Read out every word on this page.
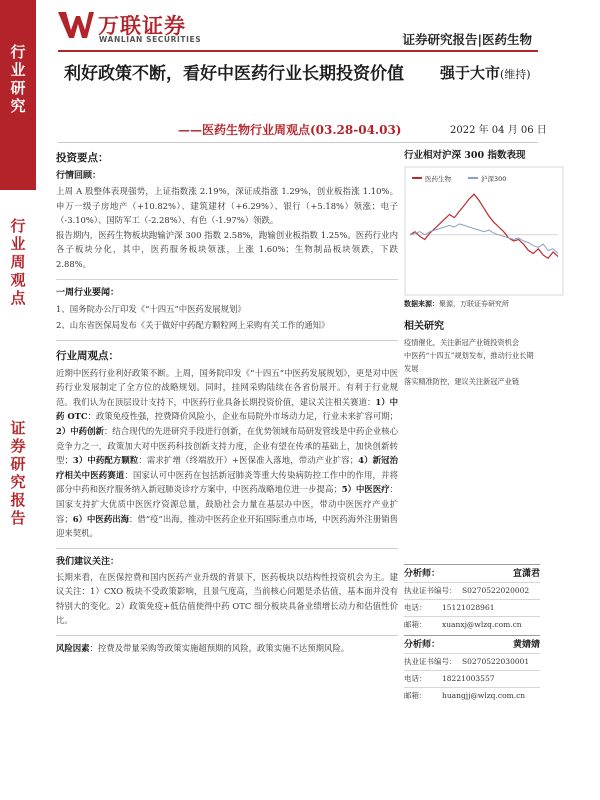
行业研究
行业周观点
证券研究报告
万联证券
WANLIAN SECURITIES	证券研究报告|医药生物
利好政策不断，看好中医药行业长期投资价值
——医药生物行业周观点(03.28-04.03)
强于大市(维持)
2022 年 04 月 06 日
投资要点：
行情回顾：

上周 A 股整体表现强势，上证指数涨 2.19%，深证成指涨 1.29%，创业板指涨 1.10%。申万一级子房地产（+10.82%）、建筑建材（+6.29%）、银行（+5.18%）领涨；电子（-3.10%）、国防军工（-2.28%）、有色（-1.97%）领跌。

报告期内，医药生物板块跑输沪深 300 指数 2.58%，跑输创业板指数 1.25%。医药行业内各子板块分化，其中，医药服务板块领涨，上涨 1.60%；生物制品板块领跌，下跌 2.88%。

一周行业要闻：

1、国务院办公厅印发《“十四五”中医药发展规划》

2、山东省医保局发布《关于做好中药配方颗粒网上采购有关工作的通知》

行业周观点：

近期中医药行业利好政策不断。上周，国务院印发《“十四五”中医药发展规划》，更是对中医药行业发展制定了全方位的战略规划。同时，挂网采购陆续在各省份展开。有利于行业规范。我们认为在顶层设计支持下，中医药行业具备长期投资价值，建议关注相关赛道：1）中药 OTC：政策免疫性强，控费降价风险小，企业布局院外市场动力足，行业未来扩容可期；2）中药创新：结合现代的先进研究手段进行创新，在优势领域布局研发管线是中药企业核心竞争力之一，政策加大对中医药科技创新支持力度，企业有望在传承的基础上，加快创新转型；3）中药配方颗粒：需求扩增（终端放开）+医保准入落地，带动产业扩容；4）新冠治疗相关中医药赛道：国家认可中医药在包括新冠肺炎等重大传染病防控工作中的作用，并将部分中药和医疗服务纳入新冠肺炎诊疗方案中，中医药战略地位进一步提高；5）中医医疗：国家支持扩大优质中医医疗资源总量，鼓励社会力量在基层办中医，带动中医医疗产业扩容；6）中医药出海：借“疫”出海，推动中医药企业开拓国际重点市场，中医药海外注册销售迎来契机。

我们建议关注：

长期来看，在医保控费和国内医药产业升级的背景下，医药板块以结构性投资机会为主。建议关注：1）CXO 板块不受政策影响，且景气度高，当前核心问题是杀估值，基本面并没有特别大的变化。2）政策免疫+低估值使得中药 OTC 细分板块具备业绩增长动力和估值性价比。

风险因素：控费及带量采购等政策实施超预期的风险，政策实施不达预期风险。

行业相对沪深 300 指数表现
医药生物	沪深300
数据来源：聚源，万联证券研究所
相关研究

疫情催化，关注新冠产业链投资机会

中医药“十四五”规划发布，推动行业长期发展

落实精准防控，建议关注新冠产业链

分析师：	宣潇君
执业证书编号： S0270522020002
电话：	15121028961
邮箱：	xuanxj@wlzq.com.cn
分析师：	黄婧婧
执业证书编号： S0270522030001
电话：	18221003557
邮箱：	huangjj@wlzq.com.cn
